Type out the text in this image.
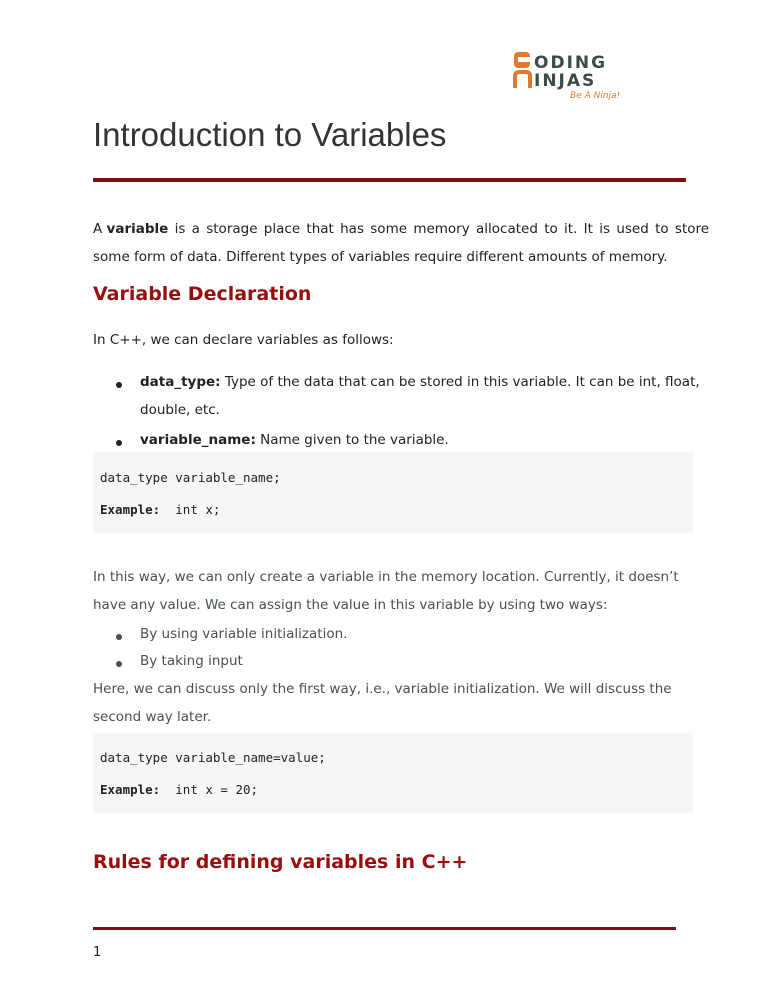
ODING
INJAS
Be A Ninja!
Introduction to Variables
A variable is a storage place that has some memory allocated to it. It is used to store
some form of data. Different types of variables require different amounts of memory.
Variable Declaration
In C++, we can declare variables as follows:
data_type: Type of the data that can be stored in this variable. It can be int, float,
double, etc.
variable_name: Name given to the variable.
data_type variable_name;
Example: int x;
In this way, we can only create a variable in the memory location. Currently, it doesn’t
have any value. We can assign the value in this variable by using two ways:
By using variable initialization.
By taking input
Here, we can discuss only the first way, i.e., variable initialization. We will discuss the
second way later.
data_type variable_name=value;
Example: int x = 20;
Rules for defining variables in C++
1
